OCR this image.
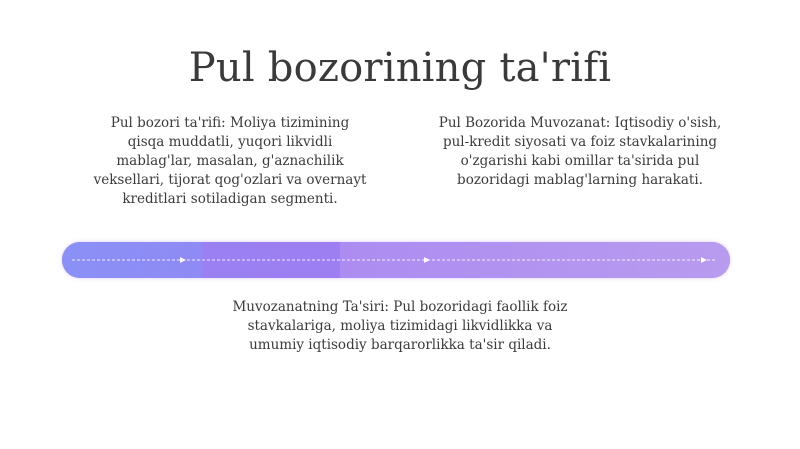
Pul bozorining ta'rifi
Pul bozori ta'rifi: Moliya tizimining
qisqa muddatli, yuqori likvidli
mablag'lar, masalan, g'aznachilik
veksellari, tijorat qog'ozlari va overnayt
kreditlari sotiladigan segmenti.
Pul Bozorida Muvozanat: Iqtisodiy o'sish,
pul-kredit siyosati va foiz stavkalarining
o'zgarishi kabi omillar ta'sirida pul
bozoridagi mablag'larning harakati.
Muvozanatning Ta'siri: Pul bozoridagi faollik foiz
stavkalariga, moliya tizimidagi likvidlikka va
umumiy iqtisodiy barqarorlikka ta'sir qiladi.
